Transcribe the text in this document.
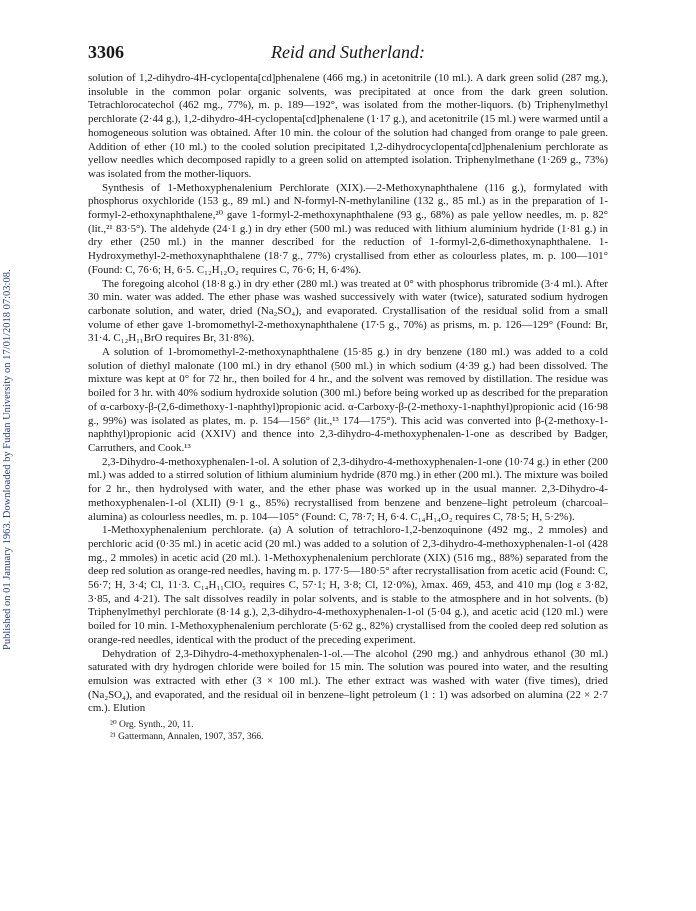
Published on 01 January 1963. Downloaded by Fudan University on 17/01/2018 07:03:08.
3306	Reid and Sutherland:

solution of 1,2-dihydro-4H-cyclopenta[cd]phenalene (466 mg.) in acetonitrile (10 ml.). A dark green solid (287 mg.), insoluble in the common polar organic solvents, was precipitated at once from the dark green solution. Tetrachlorocatechol (462 mg., 77%), m. p. 189—192°, was isolated from the mother-liquors. (b) Triphenylmethyl perchlorate (2·44 g.), 1,2-dihydro-4H-cyclopenta[cd]phenalene (1·17 g.), and acetonitrile (15 ml.) were warmed until a homogeneous solution was obtained. After 10 min. the colour of the solution had changed from orange to pale green. Addition of ether (10 ml.) to the cooled solution precipitated 1,2-dihydrocyclopenta[cd]phenalenium perchlorate as yellow needles which decomposed rapidly to a green solid on attempted isolation. Triphenylmethane (1·269 g., 73%) was isolated from the mother-liquors.

Synthesis of 1-Methoxyphenalenium Perchlorate (XIX).—2-Methoxynaphthalene (116 g.), formylated with phosphorus oxychloride (153 g., 89 ml.) and N-formyl-N-methylaniline (132 g., 85 ml.) as in the preparation of 1-formyl-2-ethoxynaphthalene,²⁰ gave 1-formyl-2-methoxynaphthalene (93 g., 68%) as pale yellow needles, m. p. 82° (lit.,²¹ 83·5°). The aldehyde (24·1 g.) in dry ether (500 ml.) was reduced with lithium aluminium hydride (1·81 g.) in dry ether (250 ml.) in the manner described for the reduction of 1-formyl-2,6-dimethoxynaphthalene. 1-Hydroxymethyl-2-methoxynaphthalene (18·7 g., 77%) crystallised from ether as colourless plates, m. p. 100—101° (Found: C, 76·6; H, 6·5. C₁₂H₁₂O₂ requires C, 76·6; H, 6·4%).

The foregoing alcohol (18·8 g.) in dry ether (280 ml.) was treated at 0° with phosphorus tribromide (3·4 ml.). After 30 min. water was added. The ether phase was washed successively with water (twice), saturated sodium hydrogen carbonate solution, and water, dried (Na₂SO₄), and evaporated. Crystallisation of the residual solid from a small volume of ether gave 1-bromomethyl-2-methoxynaphthalene (17·5 g., 70%) as prisms, m. p. 126—129° (Found: Br, 31·4. C₁₂H₁₁BrO requires Br, 31·8%).

A solution of 1-bromomethyl-2-methoxynaphthalene (15·85 g.) in dry benzene (180 ml.) was added to a cold solution of diethyl malonate (100 ml.) in dry ethanol (500 ml.) in which sodium (4·39 g.) had been dissolved. The mixture was kept at 0° for 72 hr., then boiled for 4 hr., and the solvent was removed by distillation. The residue was boiled for 3 hr. with 40% sodium hydroxide solution (300 ml.) before being worked up as described for the preparation of α-carboxy-β-(2,6-dimethoxy-1-naphthyl)propionic acid. α-Carboxy-β-(2-methoxy-1-naphthyl)propionic acid (16·98 g., 99%) was isolated as plates, m. p. 154—156° (lit.,¹³ 174—175°). This acid was converted into β-(2-methoxy-1-naphthyl)propionic acid (XXIV) and thence into 2,3-dihydro-4-methoxyphenalen-1-one as described by Badger, Carruthers, and Cook.¹³

2,3-Dihydro-4-methoxyphenalen-1-ol. A solution of 2,3-dihydro-4-methoxyphenalen-1-one (10·74 g.) in ether (200 ml.) was added to a stirred solution of lithium aluminium hydride (870 mg.) in ether (200 ml.). The mixture was boiled for 2 hr., then hydrolysed with water, and the ether phase was worked up in the usual manner. 2,3-Dihydro-4-methoxyphenalen-1-ol (XLII) (9·1 g., 85%) recrystallised from benzene and benzene–light petroleum (charcoal–alumina) as colourless needles, m. p. 104—105° (Found: C, 78·7; H, 6·4. C₁₄H₁₄O₂ requires C, 78·5; H, 5·2%).

1-Methoxyphenalenium perchlorate. (a) A solution of tetrachloro-1,2-benzoquinone (492 mg., 2 mmoles) and perchloric acid (0·35 ml.) in acetic acid (20 ml.) was added to a solution of 2,3-dihydro-4-methoxyphenalen-1-ol (428 mg., 2 mmoles) in acetic acid (20 ml.). 1-Methoxyphenalenium perchlorate (XIX) (516 mg., 88%) separated from the deep red solution as orange-red needles, having m. p. 177·5—180·5° after recrystallisation from acetic acid (Found: C, 56·7; H, 3·4; Cl, 11·3. C₁₄H₁₁ClO₅ requires C, 57·1; H, 3·8; Cl, 12·0%), λmax. 469, 453, and 410 mμ (log ε 3·82, 3·85, and 4·21). The salt dissolves readily in polar solvents, and is stable to the atmosphere and in hot solvents. (b) Triphenylmethyl perchlorate (8·14 g.), 2,3-dihydro-4-methoxyphenalen-1-ol (5·04 g.), and acetic acid (120 ml.) were boiled for 10 min. 1-Methoxyphenalenium perchlorate (5·62 g., 82%) crystallised from the cooled deep red solution as orange-red needles, identical with the product of the preceding experiment.

Dehydration of 2,3-Dihydro-4-methoxyphenalen-1-ol.—The alcohol (290 mg.) and anhydrous ethanol (30 ml.) saturated with dry hydrogen chloride were boiled for 15 min. The solution was poured into water, and the resulting emulsion was extracted with ether (3 × 100 ml.). The ether extract was washed with water (five times), dried (Na₂SO₄), and evaporated, and the residual oil in benzene–light petroleum (1 : 1) was adsorbed on alumina (22 × 2·7 cm.). Elution

²⁰ Org. Synth., 20, 11.
²¹ Gattermann, Annalen, 1907, 357, 366.
